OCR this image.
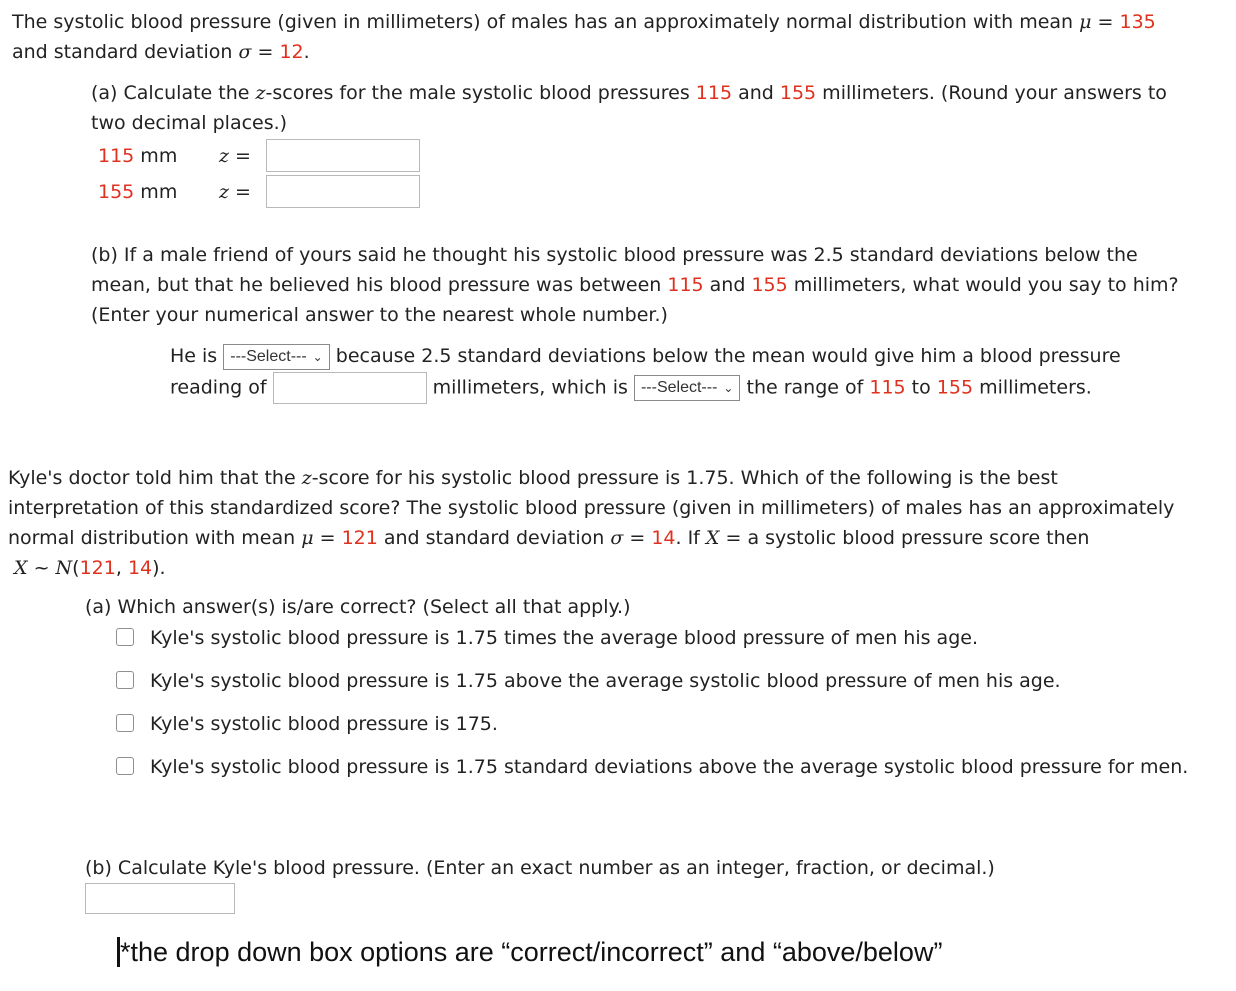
The systolic blood pressure (given in millimeters) of males has an approximately normal distribution with mean μ = 135
and standard deviation σ = 12.
(a) Calculate the z-scores for the male systolic blood pressures 115 and 155 millimeters. (Round your answers to
two decimal places.)
115 mm z =
155 mm z =
(b) If a male friend of yours said he thought his systolic blood pressure was 2.5 standard deviations below the
mean, but that he believed his blood pressure was between 115 and 155 millimeters, what would you say to him?
(Enter your numerical answer to the nearest whole number.)
He is ---Select--- ⌄ because 2.5 standard deviations below the mean would give him a blood pressure
reading of	millimeters, which is ---Select--- ⌄ the range of 115 to 155 millimeters.
Kyle's doctor told him that the z-score for his systolic blood pressure is 1.75. Which of the following is the best
interpretation of this standardized score? The systolic blood pressure (given in millimeters) of males has an approximately
normal distribution with mean μ = 121 and standard deviation σ = 14. If X = a systolic blood pressure score then
X ~ N(121, 14).
(a) Which answer(s) is/are correct? (Select all that apply.)
Kyle's systolic blood pressure is 1.75 times the average blood pressure of men his age.
Kyle's systolic blood pressure is 1.75 above the average systolic blood pressure of men his age.
Kyle's systolic blood pressure is 175.
Kyle's systolic blood pressure is 1.75 standard deviations above the average systolic blood pressure for men.
(b) Calculate Kyle's blood pressure. (Enter an exact number as an integer, fraction, or decimal.)
*the drop down box options are “correct/incorrect” and “above/below”
